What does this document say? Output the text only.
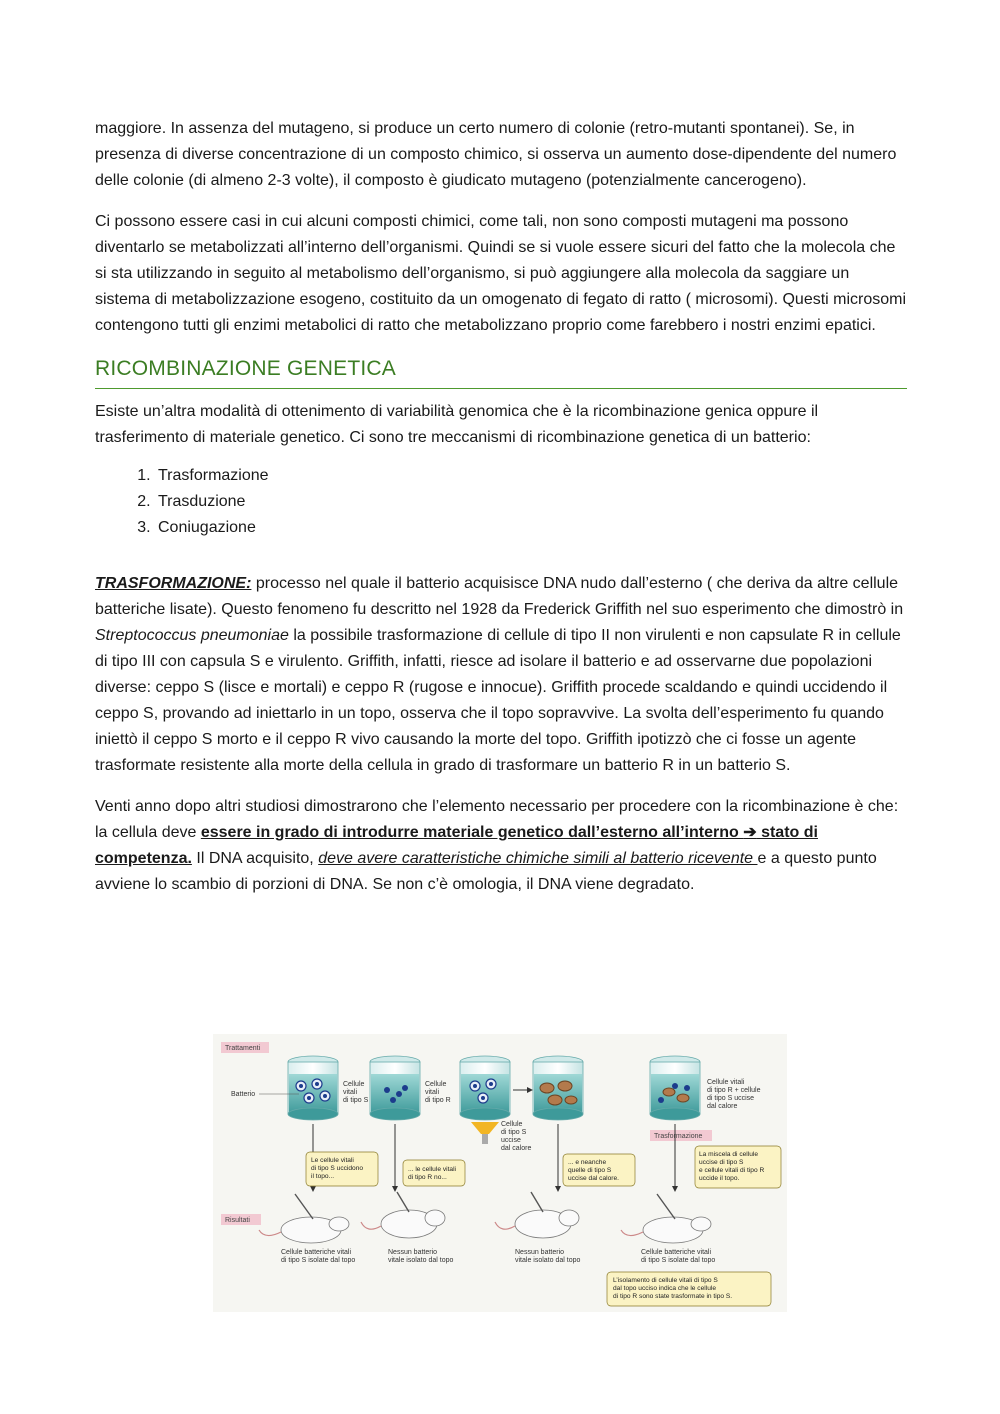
maggiore. In assenza del mutageno, si produce un certo numero di colonie (retro-mutanti spontanei). Se, in presenza di diverse concentrazione di un composto chimico, si osserva un aumento dose-dipendente del numero delle colonie (di almeno 2-3 volte), il composto è giudicato mutageno (potenzialmente cancerogeno).

Ci possono essere casi in cui alcuni composti chimici, come tali, non sono composti mutageni ma possono diventarlo se metabolizzati all’interno dell’organismi. Quindi se si vuole essere sicuri del fatto che la molecola che si sta utilizzando in seguito al metabolismo dell’organismo, si può aggiungere alla molecola da saggiare un sistema di metabolizzazione esogeno, costituito da un omogenato di fegato di ratto ( microsomi). Questi microsomi contengono tutti gli enzimi metabolici di ratto che metabolizzano proprio come farebbero i nostri enzimi epatici.

RICOMBINAZIONE GENETICA

Esiste un’altra modalità di ottenimento di variabilità genomica che è la ricombinazione genica oppure il trasferimento di materiale genetico. Ci sono tre meccanismi di ricombinazione genetica di un batterio:

1. Trasformazione
2. Trasduzione
3. Coniugazione

TRASFORMAZIONE: processo nel quale il batterio acquisisce DNA nudo dall’esterno ( che deriva da altre cellule batteriche lisate). Questo fenomeno fu descritto nel 1928 da Frederick Griffith nel suo esperimento che dimostrò in Streptococcus pneumoniae la possibile trasformazione di cellule di tipo II non virulenti e non capsulate R in cellule di tipo III con capsula S e virulento. Griffith, infatti, riesce ad isolare il batterio e ad osservarne due popolazioni diverse: ceppo S (lisce e mortali) e ceppo R (rugose e innocue). Griffith procede scaldando e quindi uccidendo il ceppo S, provando ad iniettarlo in un topo, osserva che il topo sopravvive. La svolta dell’esperimento fu quando iniettò il ceppo S morto e il ceppo R vivo causando la morte del topo. Griffith ipotizzò che ci fosse un agente trasformate resistente alla morte della cellula in grado di trasformare un batterio R in un batterio S.

Venti anno dopo altri studiosi dimostrarono che l’elemento necessario per procedere con la ricombinazione è che: la cellula deve essere in grado di introdurre materiale genetico dall’esterno all’interno ➔ stato di competenza. Il DNA acquisito, deve avere caratteristiche chimiche simili al batterio ricevente e a questo punto avviene lo scambio di porzioni di DNA. Se non c’è omologia, il DNA viene degradato.

Trattamenti
Risultati
Trasformazione
Batterio
Cellule
vitali
di tipo S
Cellule
vitali
di tipo R
Cellule
di tipo S
uccise
dal calore
Cellule vitali
di tipo R + cellule
di tipo S uccise
dal calore
Le cellule vitali
di tipo S uccidono
il topo...
... le cellule vitali
di tipo R no...
... e neanche
quelle di tipo S
uccise dal calore.
La miscela di cellule
uccise di tipo S
e cellule vitali di tipo R
uccide il topo.
Cellule batteriche vitali
di tipo S isolate dal topo
Nessun batterio
vitale isolato dal topo
Nessun batterio
vitale isolato dal topo
Cellule batteriche vitali
di tipo S isolate dal topo
L’isolamento di cellule vitali di tipo S
dal topo ucciso indica che le cellule
di tipo R sono state trasformate in tipo S.
